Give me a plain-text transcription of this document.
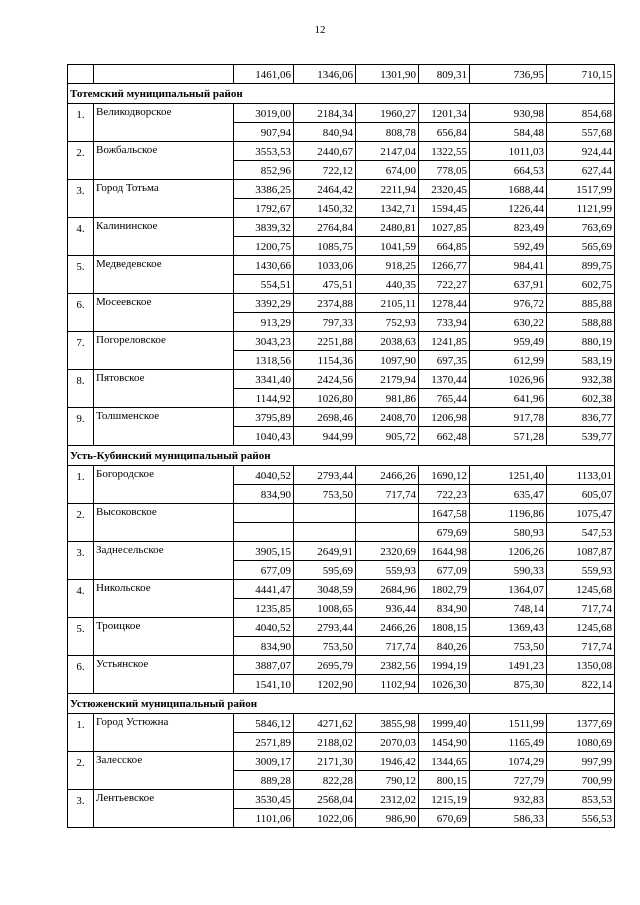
12
		1461,06	1346,06	1301,90	809,31	736,95	710,15
Тотемский муниципальный район							
1.	Великодворское	3019,00	2184,34	1960,27	1201,34	930,98	854,68
		907,94	840,94	808,78	656,84	584,48	557,68
2.	Вожбальское	3553,53	2440,67	2147,04	1322,55	1011,03	924,44
		852,96	722,12	674,00	778,05	664,53	627,44
3.	Город Тотьма	3386,25	2464,42	2211,94	2320,45	1688,44	1517,99
		1792,67	1450,32	1342,71	1594,45	1226,44	1121,99
4.	Калининское	3839,32	2764,84	2480,81	1027,85	823,49	763,69
		1200,75	1085,75	1041,59	664,85	592,49	565,69
5.	Медведевское	1430,66	1033,06	918,25	1266,77	984,41	899,75
		554,51	475,51	440,35	722,27	637,91	602,75
6.	Мосеевское	3392,29	2374,88	2105,11	1278,44	976,72	885,88
		913,29	797,33	752,93	733,94	630,22	588,88
7.	Погореловское	3043,23	2251,88	2038,63	1241,85	959,49	880,19
		1318,56	1154,36	1097,90	697,35	612,99	583,19
8.	Пятовское	3341,40	2424,56	2179,94	1370,44	1026,96	932,38
		1144,92	1026,80	981,86	765,44	641,96	602,38
9.	Толшменское	3795,89	2698,46	2408,70	1206,98	917,78	836,77
		1040,43	944,99	905,72	662,48	571,28	539,77
Усть-Кубинский муниципальный район							
1.	Богородское	4040,52	2793,44	2466,26	1690,12	1251,40	1133,01
		834,90	753,50	717,74	722,23	635,47	605,07
2.	Высоковское				1647,58	1196,86	1075,47
					679,69	580,93	547,53
3.	Заднесельское	3905,15	2649,91	2320,69	1644,98	1206,26	1087,87
		677,09	595,69	559,93	677,09	590,33	559,93
4.	Никольское	4441,47	3048,59	2684,96	1802,79	1364,07	1245,68
		1235,85	1008,65	936,44	834,90	748,14	717,74
5.	Троицкое	4040,52	2793,44	2466,26	1808,15	1369,43	1245,68
		834,90	753,50	717,74	840,26	753,50	717,74
6.	Устьянское	3887,07	2695,79	2382,56	1994,19	1491,23	1350,08
		1541,10	1202,90	1102,94	1026,30	875,30	822,14
Устюженский муниципальный район							
1.	Город Устюжна	5846,12	4271,62	3855,98	1999,40	1511,99	1377,69
		2571,89	2188,02	2070,03	1454,90	1165,49	1080,69
2.	Залесское	3009,17	2171,30	1946,42	1344,65	1074,29	997,99
		889,28	822,28	790,12	800,15	727,79	700,99
3.	Лентьевское	3530,45	2568,04	2312,02	1215,19	932,83	853,53
		1101,06	1022,06	986,90	670,69	586,33	556,53
